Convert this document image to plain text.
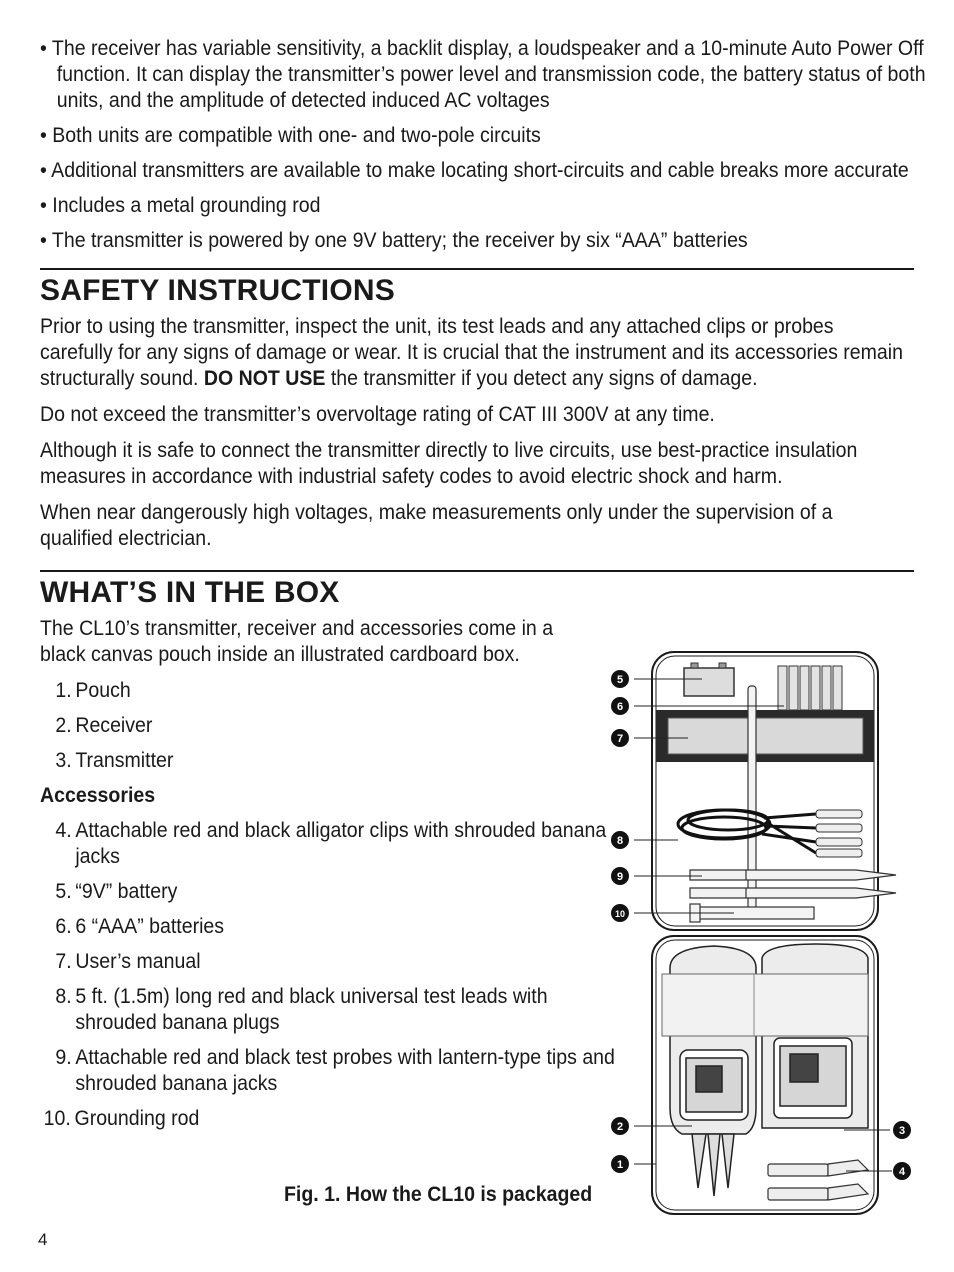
• The receiver has variable sensitivity, a backlit display, a loudspeaker and a 10-minute Auto Power Off function. It can display the transmitter’s power level and transmission code, the battery status of both units, and the amplitude of detected induced AC voltages

• Both units are compatible with one- and two-pole circuits

• Additional transmitters are available to make locating short-circuits and cable breaks more accurate

• Includes a metal grounding rod

• The transmitter is powered by one 9V battery; the receiver by six “AAA” batteries

SAFETY INSTRUCTIONS

Prior to using the transmitter, inspect the unit, its test leads and any attached clips or probes carefully for any signs of damage or wear. It is crucial that the instrument and its accessories remain structurally sound. DO NOT USE the transmitter if you detect any signs of damage.

Do not exceed the transmitter’s overvoltage rating of CAT III 300V at any time.

Although it is safe to connect the transmitter directly to live circuits, use best-practice insulation measures in accordance with industrial safety codes to avoid electric shock and harm.

When near dangerously high voltages, make measurements only under the supervision of a qualified electrician.

WHAT’S IN THE BOX

The CL10’s transmitter, receiver and accessories come in a black canvas pouch inside an illustrated cardboard box.

1. Pouch
2. Receiver
3. Transmitter
Accessories
4. Attachable red and black alligator clips with shrouded banana jacks
5. “9V” battery
6. 6 “AAA” batteries
7. User’s manual
8. 5 ft. (1.5m) long red and black universal test leads with shrouded banana plugs
9. Attachable red and black test probes with lantern-type tips and shrouded banana jacks
10. Grounding rod
5
6
7
8
9
10
2
1
3
4
Fig. 1. How the CL10 is packaged
4
